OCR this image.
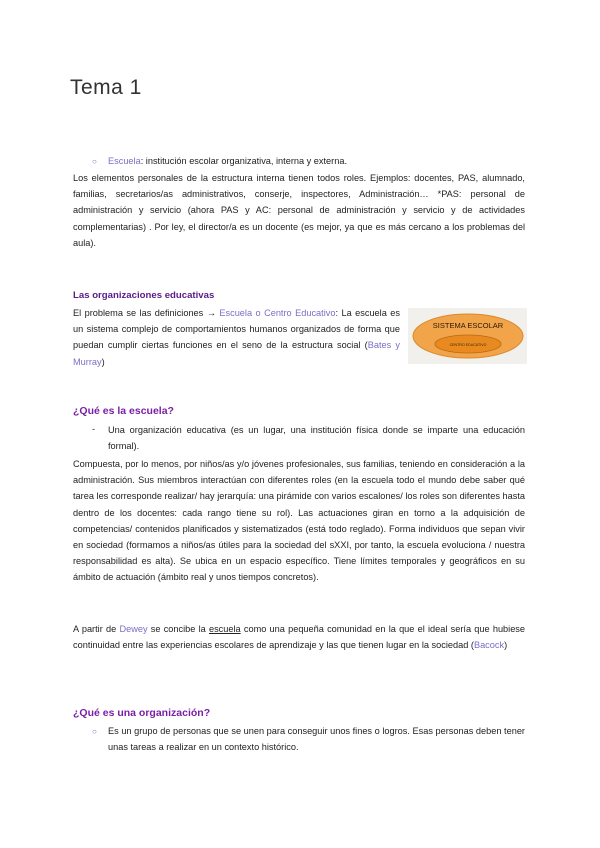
Tema 1
○ Escuela: institución escolar organizativa, interna y externa.

Los elementos personales de la estructura interna tienen todos roles. Ejemplos: docentes, PAS, alumnado, familias, secretarios/as administrativos, conserje, inspectores, Administración… *PAS: personal de administración y servicio (ahora PAS y AC: personal de administración y servicio y de actividades complementarias) . Por ley, el director/a es un docente (es mejor, ya que es más cercano a los problemas del aula).

Las organizaciones educativas

El problema se las definiciones → Escuela o Centro Educativo: La escuela es un sistema complejo de comportamientos humanos organizados de forma que puedan cumplir ciertas funciones en el seno de la estructura social (Bates y Murray)

SISTEMA ESCOLAR
CENTRO EDUCATIVO
¿Qué es la escuela?
- Una organización educativa (es un lugar, una institución física donde se imparte una educación formal).

Compuesta, por lo menos, por niños/as y/o jóvenes profesionales, sus familias, teniendo en consideración a la administración. Sus miembros interactúan con diferentes roles (en la escuela todo el mundo debe saber qué tarea les corresponde realizar/ hay jerarquía: una pirámide con varios escalones/ los roles son diferentes hasta dentro de los docentes: cada rango tiene su rol). Las actuaciones giran en torno a la adquisición de competencias/ contenidos planificados y sistematizados (está todo reglado). Forma individuos que sepan vivir en sociedad (formamos a niños/as útiles para la sociedad del sXXI, por tanto, la escuela evoluciona / nuestra responsabilidad es alta). Se ubica en un espacio específico. Tiene límites temporales y geográficos en su ámbito de actuación (ámbito real y unos tiempos concretos).

A partir de Dewey se concibe la escuela como una pequeña comunidad en la que el ideal sería que hubiese continuidad entre las experiencias escolares de aprendizaje y las que tienen lugar en la sociedad (Bacock)

¿Qué es una organización?
○ Es un grupo de personas que se unen para conseguir unos fines o logros. Esas personas deben tener unas tareas a realizar en un contexto histórico.
